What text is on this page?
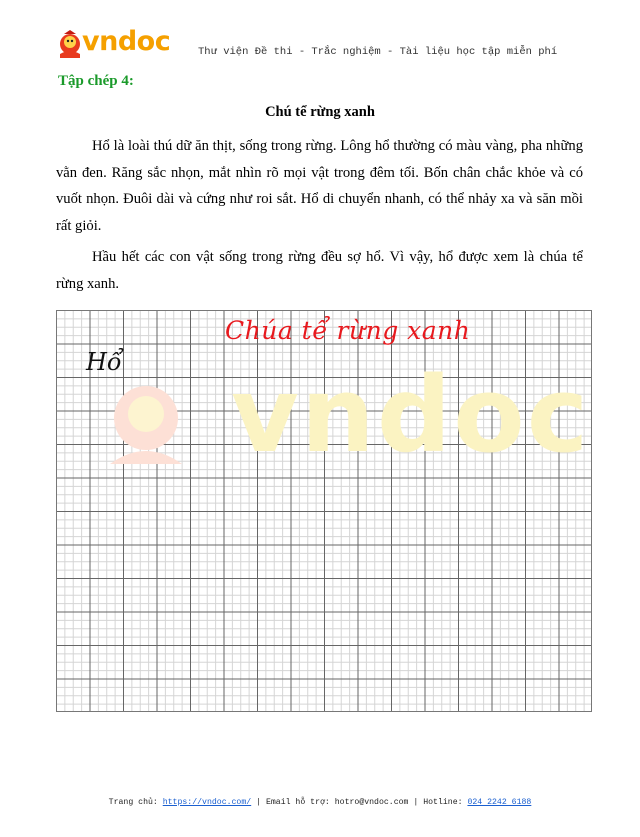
vndoc	Thư viện Đề thi - Trắc nghiệm - Tài liệu học tập miễn phí
Tập chép 4:
Chú tể rừng xanh

Hổ là loài thú dữ ăn thịt, sống trong rừng. Lông hổ thường có màu vàng, pha những vằn đen. Răng sắc nhọn, mắt nhìn rõ mọi vật trong đêm tối. Bốn chân chắc khỏe và có vuốt nhọn. Đuôi dài và cứng như roi sắt. Hổ di chuyển nhanh, có thể nhảy xa và săn mồi rất giỏi.

Hầu hết các con vật sống trong rừng đều sợ hổ. Vì vậy, hổ được xem là chúa tể rừng xanh.

vndoc
Chúa tể rừng xanh
Hổ
Trang chủ: https://vndoc.com/ | Email hỗ trợ: hotro@vndoc.com | Hotline: 024 2242 6188
